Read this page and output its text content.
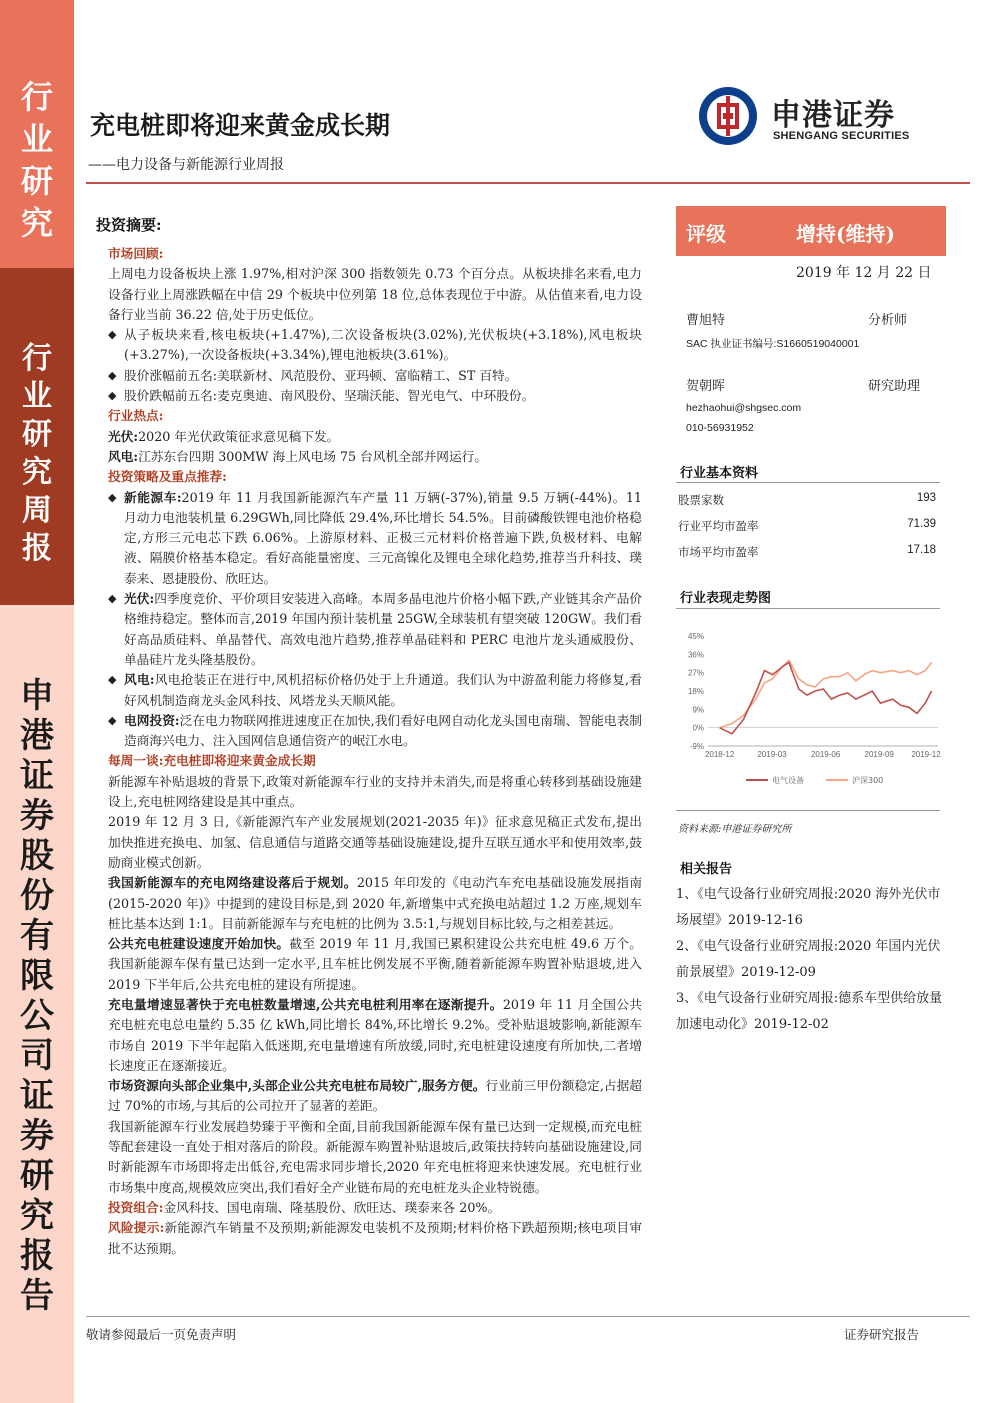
行
业
研
究
行
业
研
究
周
报
申
港
证
券
股
份
有
限
公
司
证
券
研
究
报
告
充电桩即将迎来黄金成长期
——电力设备与新能源行业周报
申港证券
SHENGANG SECURITIES
投资摘要:

市场回顾:

上周电力设备板块上涨 1.97%,相对沪深 300 指数领先 0.73 个百分点。从板块排名来看,电力设备行业上周涨跌幅在中信 29 个板块中位列第 18 位,总体表现位于中游。从估值来看,电力设备行业当前 36.22 倍,处于历史低位。

◆ 从子板块来看,核电板块(+1.47%),二次设备板块(3.02%),光伏板块(+3.18%),风电板块(+3.27%),一次设备板块(+3.34%),锂电池板块(3.61%)。

◆ 股价涨幅前五名:美联新材、风范股份、亚玛顿、富临精工、ST 百特。

◆ 股价跌幅前五名:麦克奥迪、南风股份、坚瑞沃能、智光电气、中环股份。

行业热点:

光伏:2020 年光伏政策征求意见稿下发。

风电:江苏东台四期 300MW 海上风电场 75 台风机全部并网运行。

投资策略及重点推荐:

◆ 新能源车:2019 年 11 月我国新能源汽车产量 11 万辆(-37%),销量 9.5 万辆(-44%)。11 月动力电池装机量 6.29GWh,同比降低 29.4%,环比增长 54.5%。目前磷酸铁锂电池价格稳定,方形三元电芯下跌 6.06%。上游原材料、正极三元材料价格普遍下跌,负极材料、电解液、隔膜价格基本稳定。看好高能量密度、三元高镍化及锂电全球化趋势,推荐当升科技、璞泰来、恩捷股份、欣旺达。

◆ 光伏:四季度竞价、平价项目安装进入高峰。本周多晶电池片价格小幅下跌,产业链其余产品价格维持稳定。整体而言,2019 年国内预计装机量 25GW,全球装机有望突破 120GW。我们看好高品质硅料、单晶替代、高效电池片趋势,推荐单晶硅料和 PERC 电池片龙头通威股份、单晶硅片龙头隆基股份。

◆ 风电:风电抢装正在进行中,风机招标价格仍处于上升通道。我们认为中游盈利能力将修复,看好风机制造商龙头金风科技、风塔龙头天顺风能。

◆ 电网投资:泛在电力物联网推进速度正在加快,我们看好电网自动化龙头国电南瑞、智能电表制造商海兴电力、注入国网信息通信资产的岷江水电。

每周一谈:充电桩即将迎来黄金成长期

新能源车补贴退坡的背景下,政策对新能源车行业的支持并未消失,而是将重心转移到基础设施建设上,充电桩网络建设是其中重点。

2019 年 12 月 3 日,《新能源汽车产业发展规划(2021-2035 年)》征求意见稿正式发布,提出加快推进充换电、加氢、信息通信与道路交通等基础设施建设,提升互联互通水平和使用效率,鼓励商业模式创新。

我国新能源车的充电网络建设落后于规划。2015 年印发的《电动汽车充电基础设施发展指南(2015-2020 年)》中提到的建设目标是,到 2020 年,新增集中式充换电站超过 1.2 万座,规划车桩比基本达到 1:1。目前新能源车与充电桩的比例为 3.5:1,与规划目标比较,与之相差甚远。

公共充电桩建设速度开始加快。截至 2019 年 11 月,我国已累积建设公共充电桩 49.6 万个。我国新能源车保有量已达到一定水平,且车桩比例发展不平衡,随着新能源车购置补贴退坡,进入 2019 下半年后,公共充电桩的建设有所提速。

充电量增速显著快于充电桩数量增速,公共充电桩利用率在逐渐提升。2019 年 11 月全国公共充电桩充电总电量约 5.35 亿 kWh,同比增长 84%,环比增长 9.2%。受补贴退坡影响,新能源车市场自 2019 下半年起陷入低迷期,充电量增速有所放缓,同时,充电桩建设速度有所加快,二者增长速度正在逐渐接近。

市场资源向头部企业集中,头部企业公共充电桩布局较广,服务方便。行业前三甲份额稳定,占据超过 70%的市场,与其后的公司拉开了显著的差距。

我国新能源车行业发展趋势臻于平衡和全面,目前我国新能源车保有量已达到一定规模,而充电桩等配套建设一直处于相对落后的阶段。新能源车购置补贴退坡后,政策扶持转向基础设施建设,同时新能源车市场即将走出低谷,充电需求同步增长,2020 年充电桩将迎来快速发展。充电桩行业市场集中度高,规模效应突出,我们看好全产业链布局的充电桩龙头企业特锐德。

投资组合:金风科技、国电南瑞、隆基股份、欣旺达、璞泰来各 20%。

风险提示:新能源汽车销量不及预期;新能源发电装机不及预期;材料价格下跌超预期;核电项目审批不达预期。

评级	增持(维持)
2019 年 12 月 22 日
曹旭特	分析师
SAC 执业证书编号:S1660519040001
贺朝晖	研究助理
hezhaohui@shgsec.com
010-56931952
行业基本资料
股票家数	193
行业平均市盈率	71.39
市场平均市盈率	17.18
行业表现走势图
45%
36%
27%
18%
9%
0%
-9%
2018-12	2019-03	2019-06	2019-09 2019-12
电气设备	沪深300
资料来源:申港证券研究所
相关报告
1、《电气设备行业研究周报:2020 海外光伏市场展望》2019-12-16
2、《电气设备行业研究周报:2020 年国内光伏前景展望》2019-12-09
3、《电气设备行业研究周报:德系车型供给放量加速电动化》2019-12-02
敬请参阅最后一页免责声明	证券研究报告
